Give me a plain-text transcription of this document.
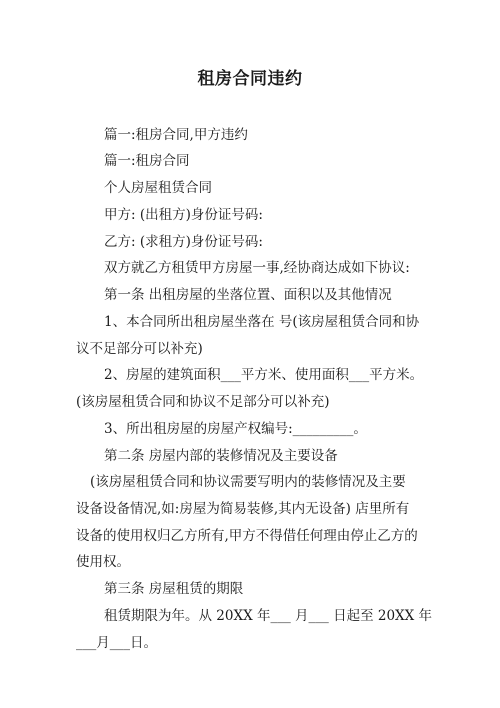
租房合同违约
篇一:租房合同,甲方违约
篇一:租房合同
个人房屋租赁合同
甲方: (出租方)身份证号码:
乙方: (求租方)身份证号码:
双方就乙方租赁甲方房屋一事,经协商达成如下协议:
第一条 出租房屋的坐落位置、面积以及其他情况
1、本合同所出租房屋坐落在 号(该房屋租赁合同和协
议不足部分可以补充)
2、房屋的建筑面积___平方米、使用面积___平方米。
(该房屋租赁合同和协议不足部分可以补充)
3、所出租房屋的房屋产权编号:_________。
第二条 房屋内部的装修情况及主要设备
(该房屋租赁合同和协议需要写明内的装修情况及主要
设备设备情况,如:房屋为简易装修,其内无设备) 店里所有
设备的使用权归乙方所有,甲方不得借任何理由停止乙方的
使用权。
第三条 房屋租赁的期限
租赁期限为年。从 20XX 年___ 月___ 日起至 20XX 年
___月___日。
